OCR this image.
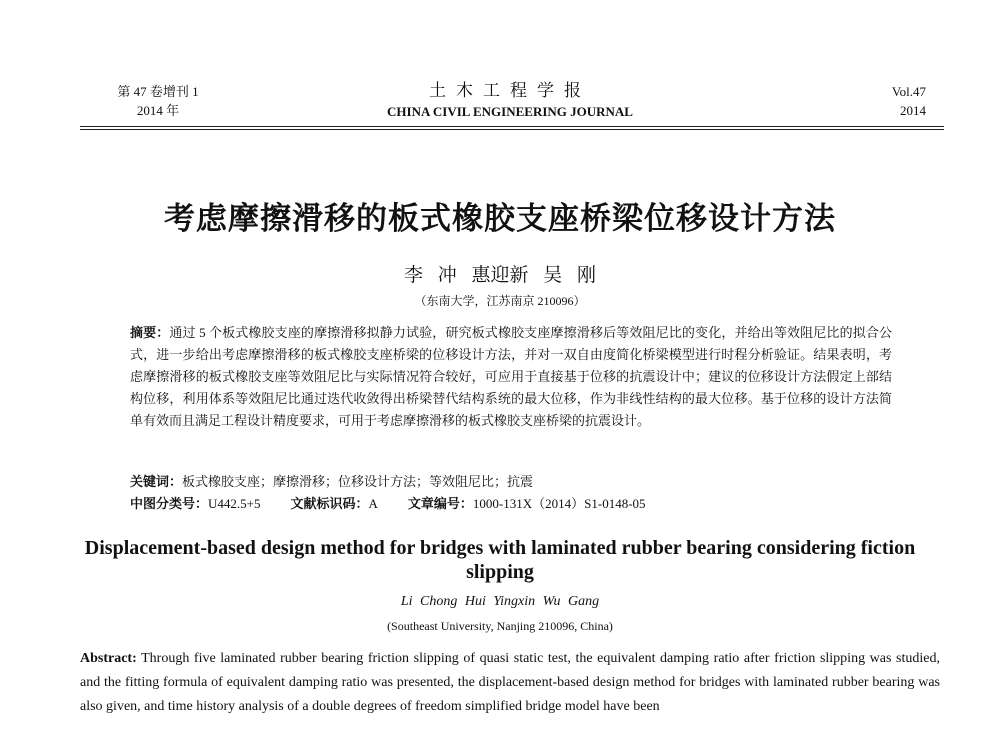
第 47 卷增刊 1
2014 年
土木工程学报
CHINA CIVIL ENGINEERING JOURNAL
Vol.47
2014
考虑摩擦滑移的板式橡胶支座桥梁位移设计方法
李 冲 惠迎新 吴 刚
（东南大学，江苏南京 210096）
摘要：通过 5 个板式橡胶支座的摩擦滑移拟静力试验，研究板式橡胶支座摩擦滑移后等效阻尼比的变化，并给出等效阻尼比的拟合公式，进一步给出考虑摩擦滑移的板式橡胶支座桥梁的位移设计方法，并对一双自由度简化桥梁模型进行时程分析验证。结果表明，考虑摩擦滑移的板式橡胶支座等效阻尼比与实际情况符合较好，可应用于直接基于位移的抗震设计中；建议的位移设计方法假定上部结构位移，利用体系等效阻尼比通过迭代收敛得出桥梁替代结构系统的最大位移，作为非线性结构的最大位移。基于位移的设计方法简单有效而且满足工程设计精度要求，可用于考虑摩擦滑移的板式橡胶支座桥梁的抗震设计。
关键词：板式橡胶支座；摩擦滑移；位移设计方法；等效阻尼比；抗震
中图分类号：U442.5+5 文献标识码：A 文章编号：1000-131X（2014）S1-0148-05
Displacement-based design method for bridges with laminated rubber bearing considering fiction slipping
Li Chong Hui Yingxin Wu Gang
(Southeast University, Nanjing 210096, China)
Abstract: Through five laminated rubber bearing friction slipping of quasi static test, the equivalent damping ratio after friction slipping was studied, and the fitting formula of equivalent damping ratio was presented, the displacement-based design method for bridges with laminated rubber bearing was also given, and time history analysis of a double degrees of freedom simplified bridge model have been
